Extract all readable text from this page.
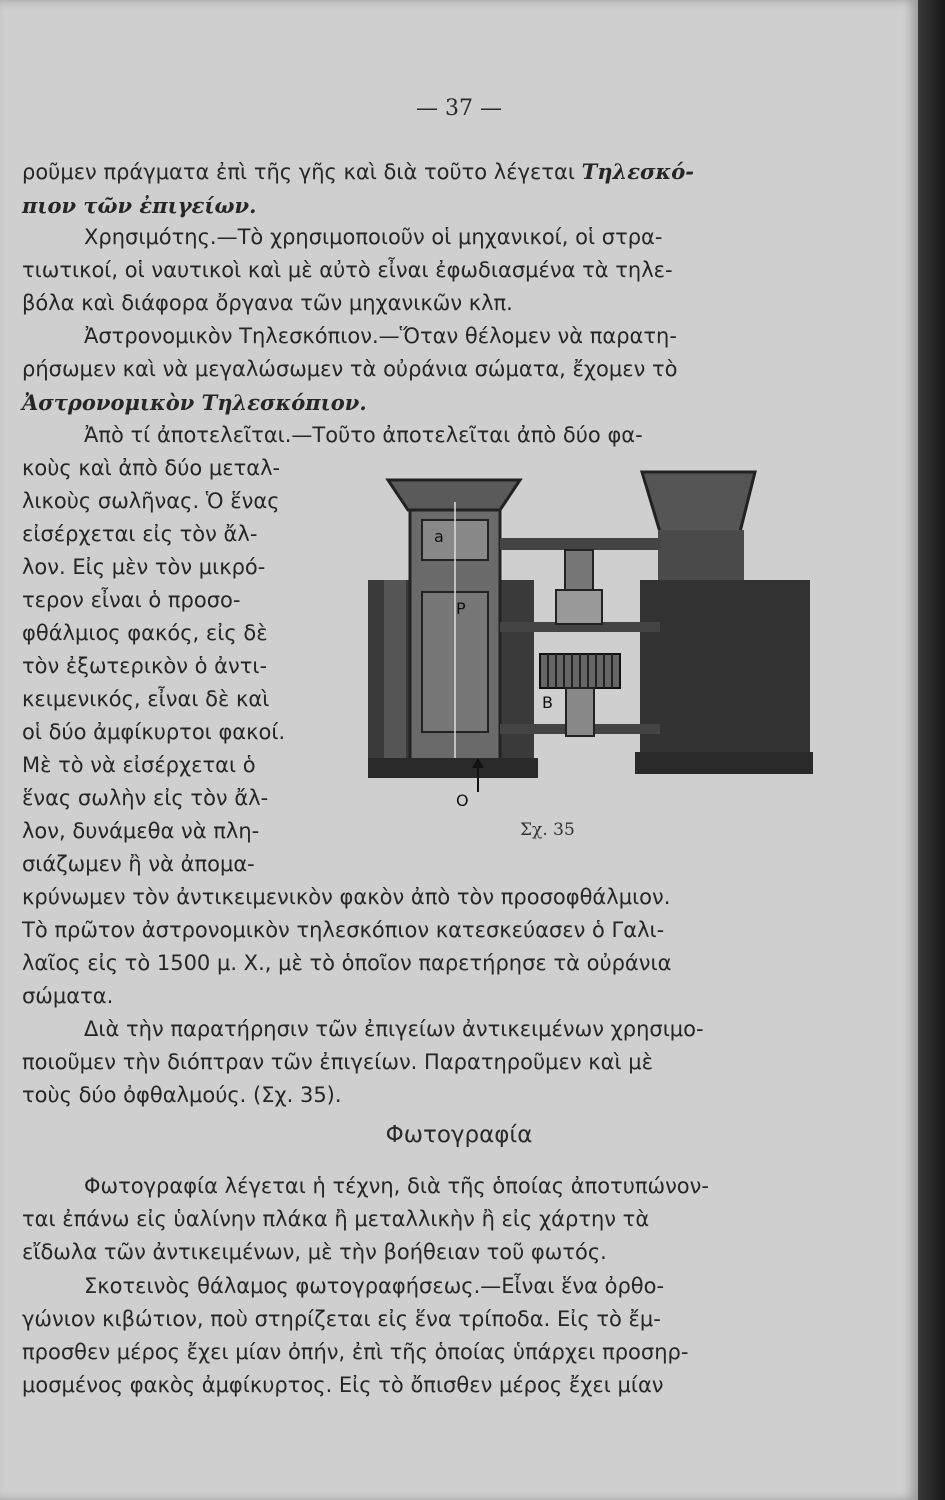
— 37 —
ροῦμεν πράγματα ἐπὶ τῆς γῆς καὶ διὰ τοῦτο λέγεται Τηλεσκό-
πιον τῶν ἐπιγείων.
Χρησιμότης.—Τὸ χρησιμοποιοῦν οἱ μηχανικοί, οἱ στρα-
τιωτικοί, οἱ ναυτικοὶ καὶ μὲ αὐτὸ εἶναι ἐφωδιασμένα τὰ τηλε-
βόλα καὶ διάφορα ὄργανα τῶν μηχανικῶν κλπ.
Ἀστρονομικὸν Τηλεσκόπιον.—Ὅταν θέλομεν νὰ παρατη-
ρήσωμεν καὶ νὰ μεγαλώσωμεν τὰ οὐράνια σώματα, ἔχομεν τὸ
Ἀστρονομικὸν Τηλεσκόπιον.
Ἀπὸ τί ἀποτελεῖται.—Τοῦτο ἀποτελεῖται ἀπὸ δύο φα-
κοὺς καὶ ἀπὸ δύο μεταλ-
λικοὺς σωλῆνας. Ὁ ἕνας
εἰσέρχεται εἰς τὸν ἄλ-
λον. Εἰς μὲν τὸν μικρό-
τερον εἶναι ὁ προσο-
φθάλμιος φακός, εἰς δὲ
τὸν ἐξωτερικὸν ὁ ἀντι-
κειμενικός, εἶναι δὲ καὶ
οἱ δύο ἀμφίκυρτοι φακοί.
Μὲ τὸ νὰ εἰσέρχεται ὁ
ἕνας σωλὴν εἰς τὸν ἄλ-
λον, δυνάμεθα νὰ πλη-
σιάζωμεν ἢ νὰ ἀπομα-
κρύνωμεν τὸν ἀντικειμενικὸν φακὸν ἀπὸ τὸν προσοφθάλμιον.
Τὸ πρῶτον ἀστρονομικὸν τηλεσκόπιον κατεσκεύασεν ὁ Γαλι-
λαῖος εἰς τὸ 1500 μ. Χ., μὲ τὸ ὁποῖον παρετήρησε τὰ οὐράνια
σώματα.
a
P
B
O
Σχ. 35
Διὰ τὴν παρατήρησιν τῶν ἐπιγείων ἀντικειμένων χρησιμο-
ποιοῦμεν τὴν διόπτραν τῶν ἐπιγείων. Παρατηροῦμεν καὶ μὲ
τοὺς δύο ὀφθαλμούς. (Σχ. 35).
Φωτογραφία
Φωτογραφία λέγεται ἡ τέχνη, διὰ τῆς ὁποίας ἀποτυπώνον-
ται ἐπάνω εἰς ὑαλίνην πλάκα ἢ μεταλλικὴν ἢ εἰς χάρτην τὰ
εἴδωλα τῶν ἀντικειμένων, μὲ τὴν βοήθειαν τοῦ φωτός.
Σκοτεινὸς θάλαμος φωτογραφήσεως.—Εἶναι ἕνα ὀρθο-
γώνιον κιβώτιον, ποὺ στηρίζεται εἰς ἕνα τρίποδα. Εἰς τὸ ἔμ-
προσθεν μέρος ἔχει μίαν ὀπήν, ἐπὶ τῆς ὁποίας ὑπάρχει προσηρ-
μοσμένος φακὸς ἀμφίκυρτος. Εἰς τὸ ὄπισθεν μέρος ἔχει μίαν
